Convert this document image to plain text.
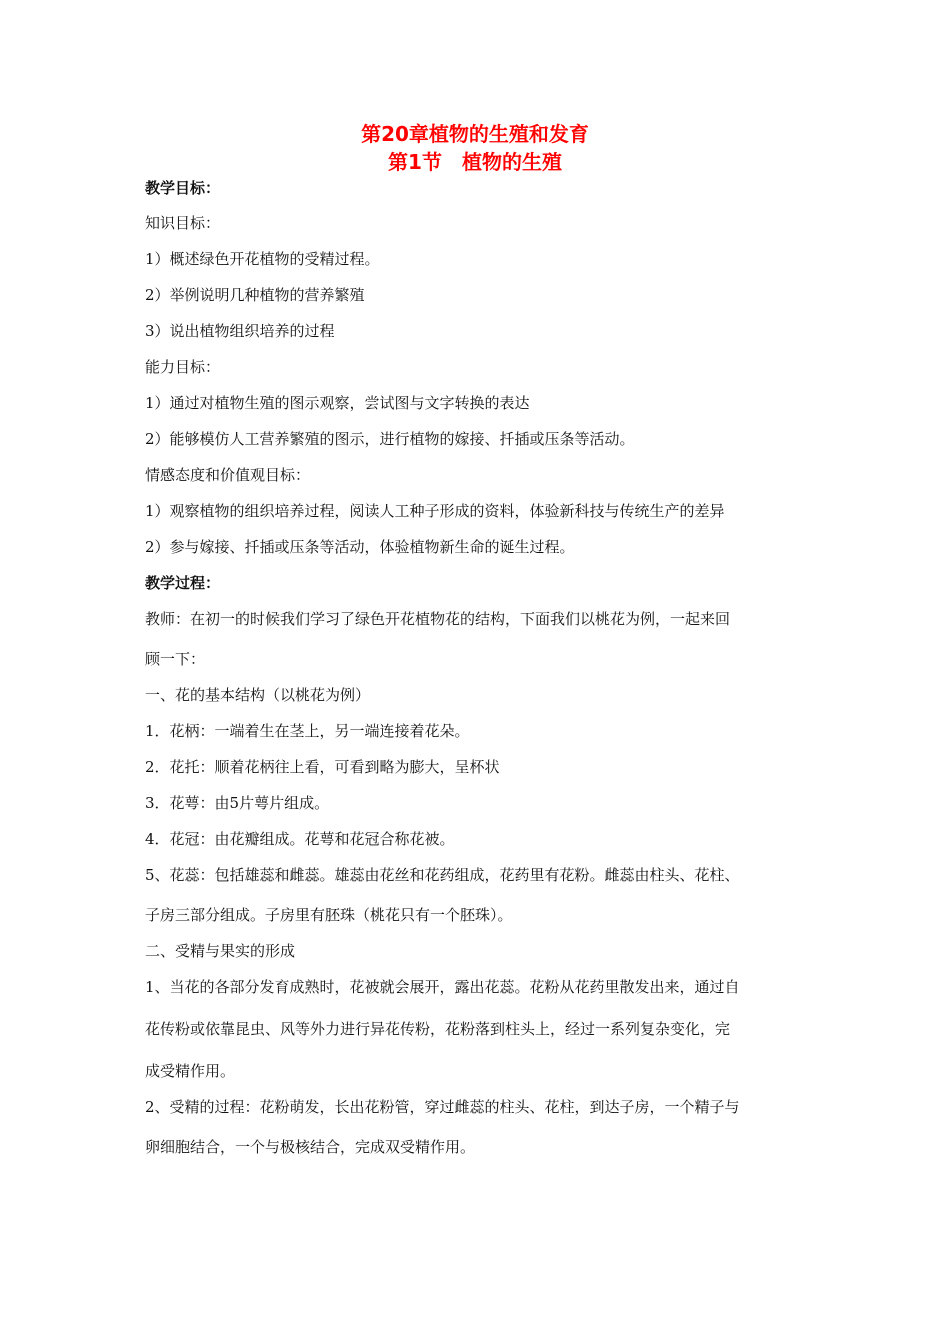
第20章植物的生殖和发育
第1节　植物的生殖
教学目标：
知识目标：
1）概述绿色开花植物的受精过程。
2）举例说明几种植物的营养繁殖
3）说出植物组织培养的过程
能力目标：
1）通过对植物生殖的图示观察，尝试图与文字转换的表达
2）能够模仿人工营养繁殖的图示，进行植物的嫁接、扦插或压条等活动。
情感态度和价值观目标：
1）观察植物的组织培养过程，阅读人工种子形成的资料，体验新科技与传统生产的差异
2）参与嫁接、扦插或压条等活动，体验植物新生命的诞生过程。
教学过程：
教师：在初一的时候我们学习了绿色开花植物花的结构，下面我们以桃花为例，一起来回
顾一下：
一、花的基本结构（以桃花为例）
1．花柄：一端着生在茎上，另一端连接着花朵。
2．花托：顺着花柄往上看，可看到略为膨大，呈杯状
3．花萼：由5片萼片组成。
4．花冠：由花瓣组成。花萼和花冠合称花被。
5、花蕊：包括雄蕊和雌蕊。雄蕊由花丝和花药组成，花药里有花粉。雌蕊由柱头、花柱、
子房三部分组成。子房里有胚珠（桃花只有一个胚珠）。
二、受精与果实的形成
1、当花的各部分发育成熟时，花被就会展开，露出花蕊。花粉从花药里散发出来，通过自
花传粉或依靠昆虫、风等外力进行异花传粉，花粉落到柱头上，经过一系列复杂变化，完
成受精作用。
2、受精的过程：花粉萌发，长出花粉管，穿过雌蕊的柱头、花柱，到达子房，一个精子与
卵细胞结合，一个与极核结合，完成双受精作用。
